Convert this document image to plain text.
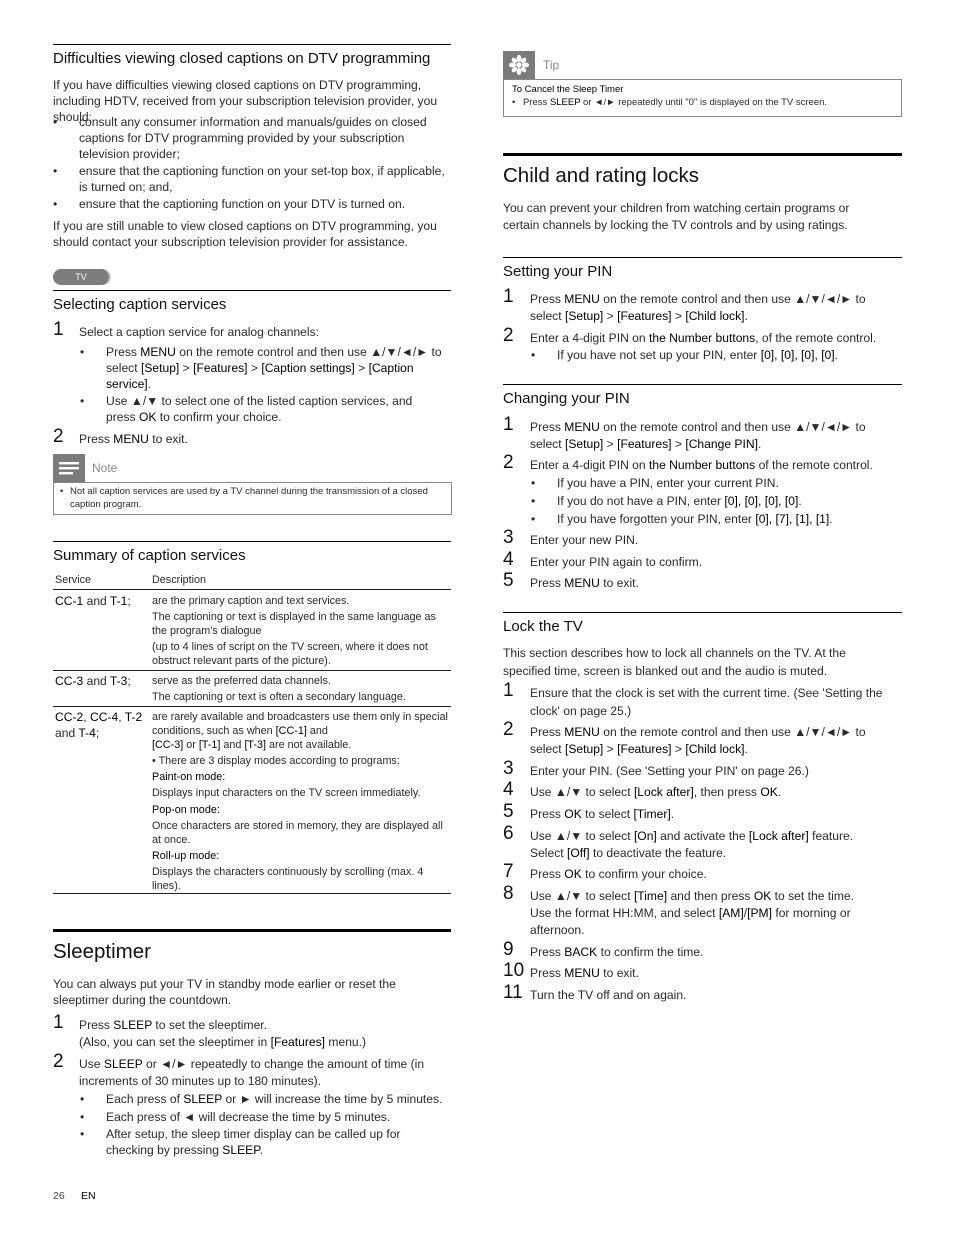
Difficulties viewing closed captions on DTV programming
If you have difficulties viewing closed captions on DTV programming, including HDTV, received from your subscription television provider, you should:
• consult any consumer information and manuals/guides on closed captions for DTV programming provided by your subscription television provider;
• ensure that the captioning function on your set-top box, if applicable, is turned on; and,
• ensure that the captioning function on your DTV is turned on.
If you are still unable to view closed captions on DTV programming, you should contact your subscription television provider for assistance.
TV
Selecting caption services
1 Select a caption service for analog channels:
• Press MENU on the remote control and then use ▲/▼/◄/► to select [Setup] > [Features] > [Caption settings] > [Caption service].
• Use ▲/▼ to select one of the listed caption services, and press OK to confirm your choice.
2 Press MENU to exit.
Note
• Not all caption services are used by a TV channel during the transmission of a closed caption program.
Summary of caption services
Service	Description
CC-1 and T-1; are the primary caption and text services.
The captioning or text is displayed in the same language as the program's dialogue
(up to 4 lines of script on the TV screen, where it does not obstruct relevant parts of the picture).
CC-3 and T-3; serve as the preferred data channels.
The captioning or text is often a secondary language.
CC-2, CC-4, T-2
and T-4;
are rarely available and broadcasters use them only in special conditions, such as when [CC-1] and
[CC-3] or [T-1] and [T-3] are not available.
• There are 3 display modes according to programs:
Paint-on mode:
Displays input characters on the TV screen immediately.
Pop-on mode:
Once characters are stored in memory, they are displayed all at once.
Roll-up mode:
Displays the characters continuously by scrolling (max. 4 lines).
Sleeptimer
You can always put your TV in standby mode earlier or reset the sleeptimer during the countdown.
1 Press SLEEP to set the sleeptimer.
(Also, you can set the sleeptimer in [Features] menu.)
2 Use SLEEP or ◄/► repeatedly to change the amount of time (in increments of 30 minutes up to 180 minutes).
• Each press of SLEEP or ► will increase the time by 5 minutes.
• Each press of ◄ will decrease the time by 5 minutes.
• After setup, the sleep timer display can be called up for checking by pressing SLEEP.
26 EN
Tip
To Cancel the Sleep Timer
• Press SLEEP or ◄/► repeatedly until "0" is displayed on the TV screen.
Child and rating locks
You can prevent your children from watching certain programs or certain channels by locking the TV controls and by using ratings.
Setting your PIN
1 Press MENU on the remote control and then use ▲/▼/◄/► to
select [Setup] > [Features] > [Child lock].
2 Enter a 4-digit PIN on the Number buttons, of the remote control.
• If you have not set up your PIN, enter [0], [0], [0], [0].
Changing your PIN
1 Press MENU on the remote control and then use ▲/▼/◄/► to
select [Setup] > [Features] > [Change PIN].
2 Enter a 4-digit PIN on the Number buttons of the remote control.
• If you have a PIN, enter your current PIN.
• If you do not have a PIN, enter [0], [0], [0], [0].
• If you have forgotten your PIN, enter [0], [7], [1], [1].
3 Enter your new PIN.
4 Enter your PIN again to confirm.
5 Press MENU to exit.
Lock the TV
This section describes how to lock all channels on the TV. At the specified time, screen is blanked out and the audio is muted.
1 Ensure that the clock is set with the current time. (See 'Setting the clock' on page 25.)
2 Press MENU on the remote control and then use ▲/▼/◄/► to
select [Setup] > [Features] > [Child lock].
3 Enter your PIN. (See 'Setting your PIN' on page 26.)
4 Use ▲/▼ to select [Lock after], then press OK.
5 Press OK to select [Timer].
6 Use ▲/▼ to select [On] and activate the [Lock after] feature.
Select [Off] to deactivate the feature.
7 Press OK to confirm your choice.
8 Use ▲/▼ to select [Time] and then press OK to set the time.
Use the format HH:MM, and select [AM]/[PM] for morning or afternoon.
9 Press BACK to confirm the time.
10 Press MENU to exit.
11 Turn the TV off and on again.
